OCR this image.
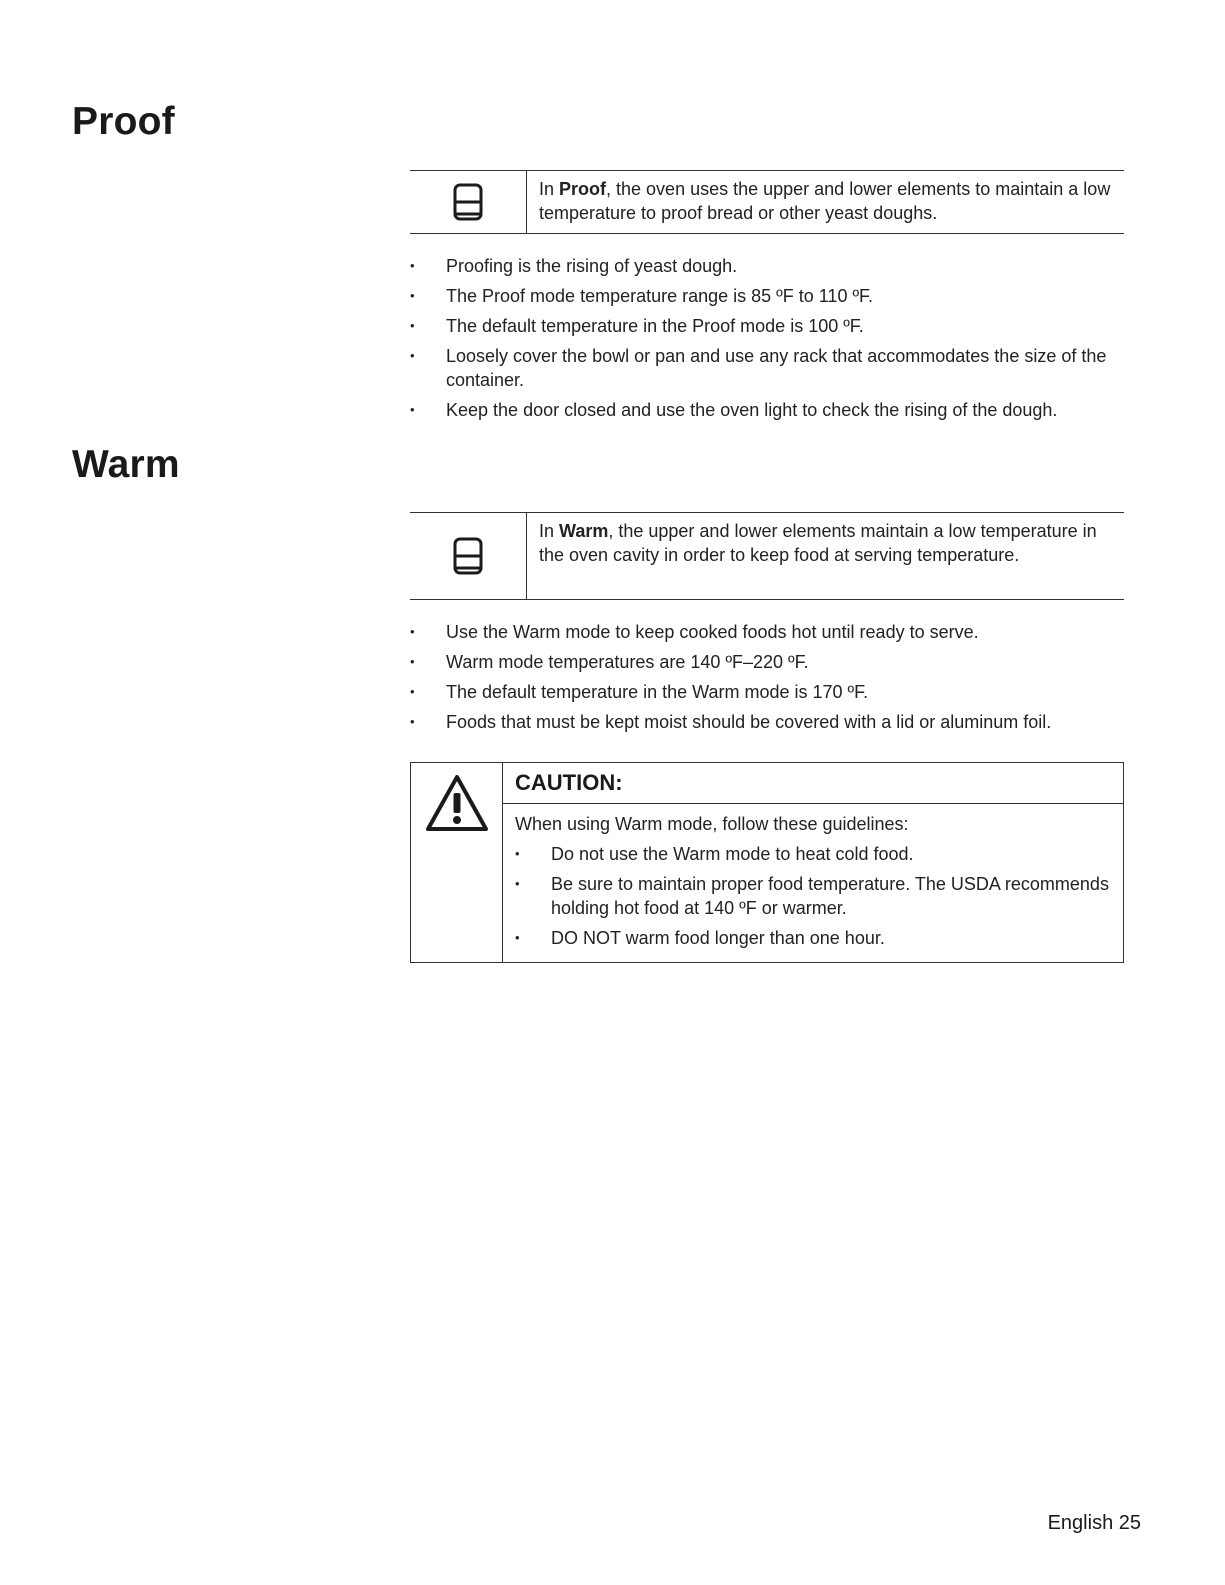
Proof
In Proof, the oven uses the upper and lower elements to maintain a low temperature to proof bread or other yeast doughs.
• Proofing is the rising of yeast dough.
• The Proof mode temperature range is 85 ºF to 110 ºF.
• The default temperature in the Proof mode is 100 ºF.
• Loosely cover the bowl or pan and use any rack that accommodates the size of the container.
• Keep the door closed and use the oven light to check the rising of the dough.
Warm
In Warm, the upper and lower elements maintain a low temperature in the oven cavity in order to keep food at serving temperature.
• Use the Warm mode to keep cooked foods hot until ready to serve.
• Warm mode temperatures are 140 ºF–220 ºF.
• The default temperature in the Warm mode is 170 ºF.
• Foods that must be kept moist should be covered with a lid or aluminum foil.
CAUTION:
When using Warm mode, follow these guidelines:
• Do not use the Warm mode to heat cold food.
• Be sure to maintain proper food temperature. The USDA recommends holding hot food at 140 ºF or warmer.
• DO NOT warm food longer than one hour.
English 25
